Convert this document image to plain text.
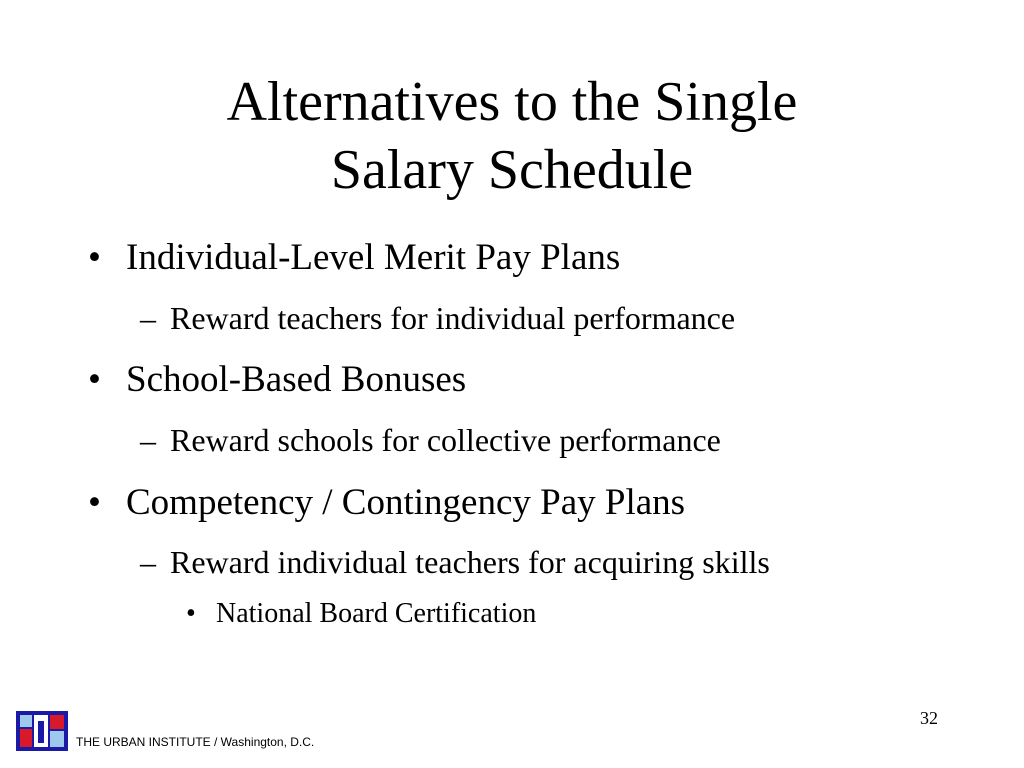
Alternatives to the Single
Salary Schedule
• Individual-Level Merit Pay Plans
– Reward teachers for individual performance
• School-Based Bonuses
– Reward schools for collective performance
• Competency / Contingency Pay Plans
– Reward individual teachers for acquiring skills
• National Board Certification
32
THE URBAN INSTITUTE / Washington, D.C.
